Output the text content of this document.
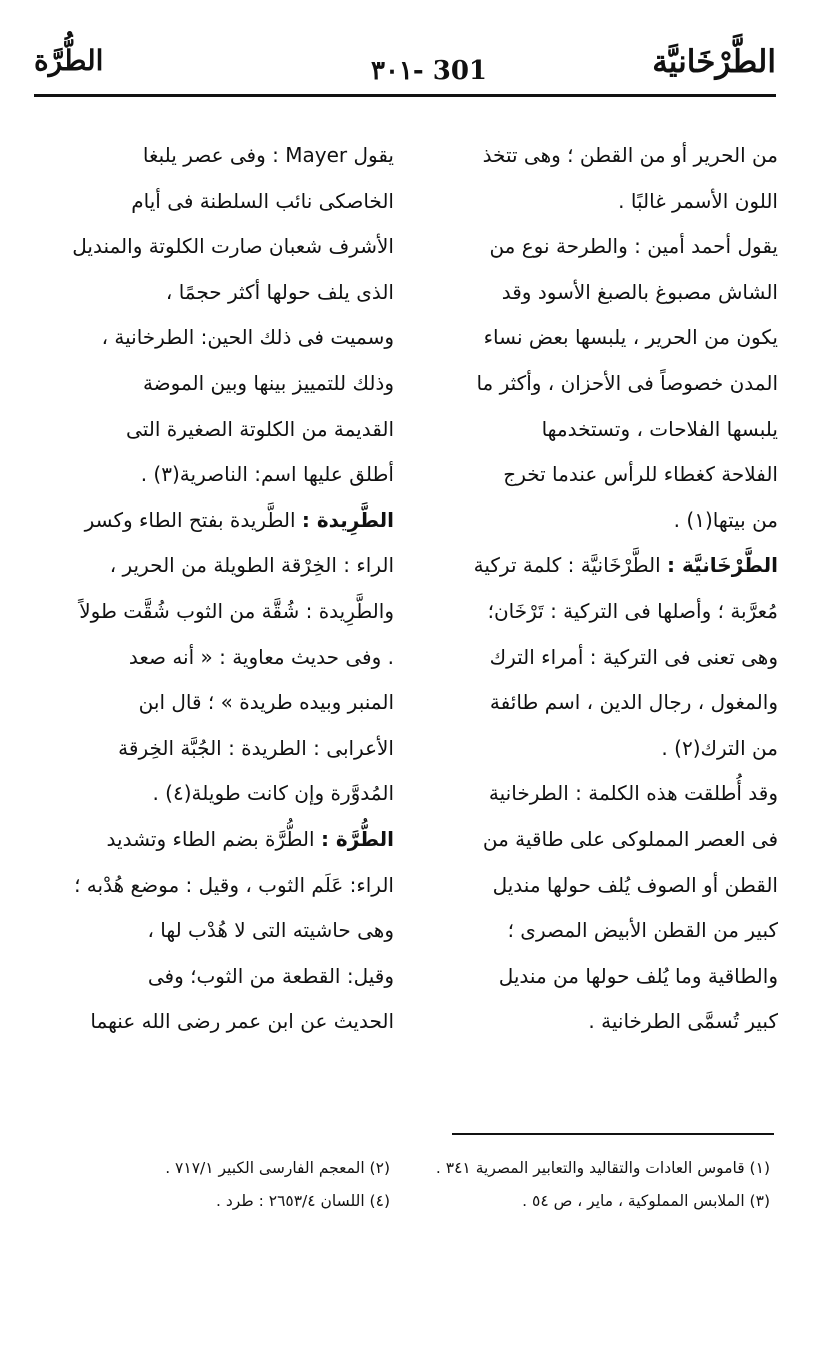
الطَّرْخَانيَّة
٣٠١- 301
الطُّرَّة
من الحرير أو من القطن ؛ وهى تتخذ
اللون الأسمر غالبًا .
يقول أحمد أمين : والطرحة نوع من
الشاش مصبوغ بالصبغ الأسود وقد
يكون من الحرير ، يلبسها بعض نساء
المدن خصوصاً فى الأحزان ، وأكثر ما
يلبسها الفلاحات ، وتستخدمها
الفلاحة كغطاء للرأس عندما تخرج
من بيتها(١) .
الطَّرْخَانيَّة : الطَّرْخَانيَّة : كلمة تركية
مُعرَّبة ؛ وأصلها فى التركية : تَرْخَان؛
وهى تعنى فى التركية : أمراء الترك
والمغول ، رجال الدين ، اسم طائفة
من الترك(٢) .
وقد أُطلقت هذه الكلمة : الطرخانية
فى العصر المملوكى على طاقية من
القطن أو الصوف يُلف حولها منديل
كبير من القطن الأبيض المصرى ؛
والطاقية وما يُلف حولها من منديل
كبير تُسمَّى الطرخانية .
يقول Mayer : وفى عصر يلبغا
الخاصكى نائب السلطنة فى أيام
الأشرف شعبان صارت الكلوتة والمنديل
الذى يلف حولها أكثر حجمًا ،
وسميت فى ذلك الحين: الطرخانية ،
وذلك للتمييز بينها وبين الموضة
القديمة من الكلوتة الصغيرة التى
أطلق عليها اسم: الناصرية(٣) .
الطَّرِيدة : الطَّريدة بفتح الطاء وكسر
الراء : الخِرْقة الطويلة من الحرير ،
والطَّرِيدة : شُقَّة من الثوب شُقَّت طولاً
. وفى حديث معاوية : « أنه صعد
المنبر وبيده طريدة » ؛ قال ابن
الأعرابى : الطريدة : الجُبَّة الخِرقة
المُدوَّرة وإن كانت طويلة(٤) .
الطُّرَّة : الطُّرَّة بضم الطاء وتشديد
الراء: عَلَم الثوب ، وقيل : موضع هُدْبه ؛
وهى حاشيته التى لا هُدْب لها ،
وقيل: القطعة من الثوب؛ وفى
الحديث عن ابن عمر رضى الله عنهما
(١) قاموس العادات والتقاليد والتعابير المصرية ٣٤١ .(٢) المعجم الفارسى الكبير ٧١٧/١ .
(٣) الملابس المملوكية ، ماير ، ص ٥٤ .(٤) اللسان ٢٦٥٣/٤ : طرد .
